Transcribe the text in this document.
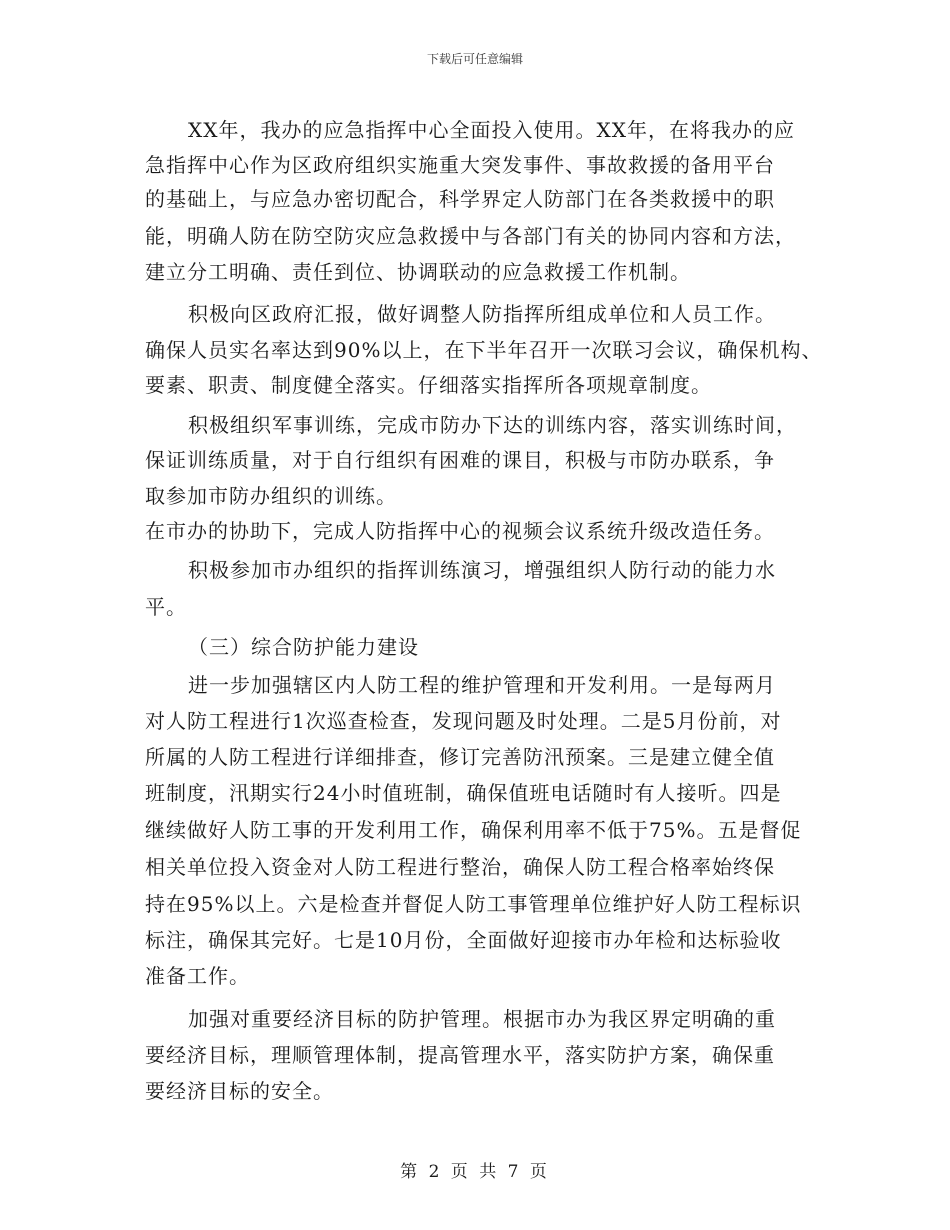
下载后可任意编辑
XX年，我办的应急指挥中心全面投入使用。XX年，在将我办的应
急指挥中心作为区政府组织实施重大突发事件、事故救援的备用平台
的基础上，与应急办密切配合，科学界定人防部门在各类救援中的职
能，明确人防在防空防灾应急救援中与各部门有关的协同内容和方法，
建立分工明确、责任到位、协调联动的应急救援工作机制。
积极向区政府汇报，做好调整人防指挥所组成单位和人员工作。
确保人员实名率达到90%以上，在下半年召开一次联习会议，确保机构、
要素、职责、制度健全落实。仔细落实指挥所各项规章制度。
积极组织军事训练，完成市防办下达的训练内容，落实训练时间，
保证训练质量，对于自行组织有困难的课目，积极与市防办联系，争
取参加市防办组织的训练。
在市办的协助下，完成人防指挥中心的视频会议系统升级改造任务。
积极参加市办组织的指挥训练演习，增强组织人防行动的能力水
平。
（三）综合防护能力建设
进一步加强辖区内人防工程的维护管理和开发利用。一是每两月
对人防工程进行1次巡查检查，发现问题及时处理。二是5月份前，对
所属的人防工程进行详细排查，修订完善防汛预案。三是建立健全值
班制度，汛期实行24小时值班制，确保值班电话随时有人接听。四是
继续做好人防工事的开发利用工作，确保利用率不低于75%。五是督促
相关单位投入资金对人防工程进行整治，确保人防工程合格率始终保
持在95%以上。六是检查并督促人防工事管理单位维护好人防工程标识
标注，确保其完好。七是10月份，全面做好迎接市办年检和达标验收
准备工作。
加强对重要经济目标的防护管理。根据市办为我区界定明确的重
要经济目标，理顺管理体制，提高管理水平，落实防护方案，确保重
要经济目标的安全。
第 2 页 共 7 页
